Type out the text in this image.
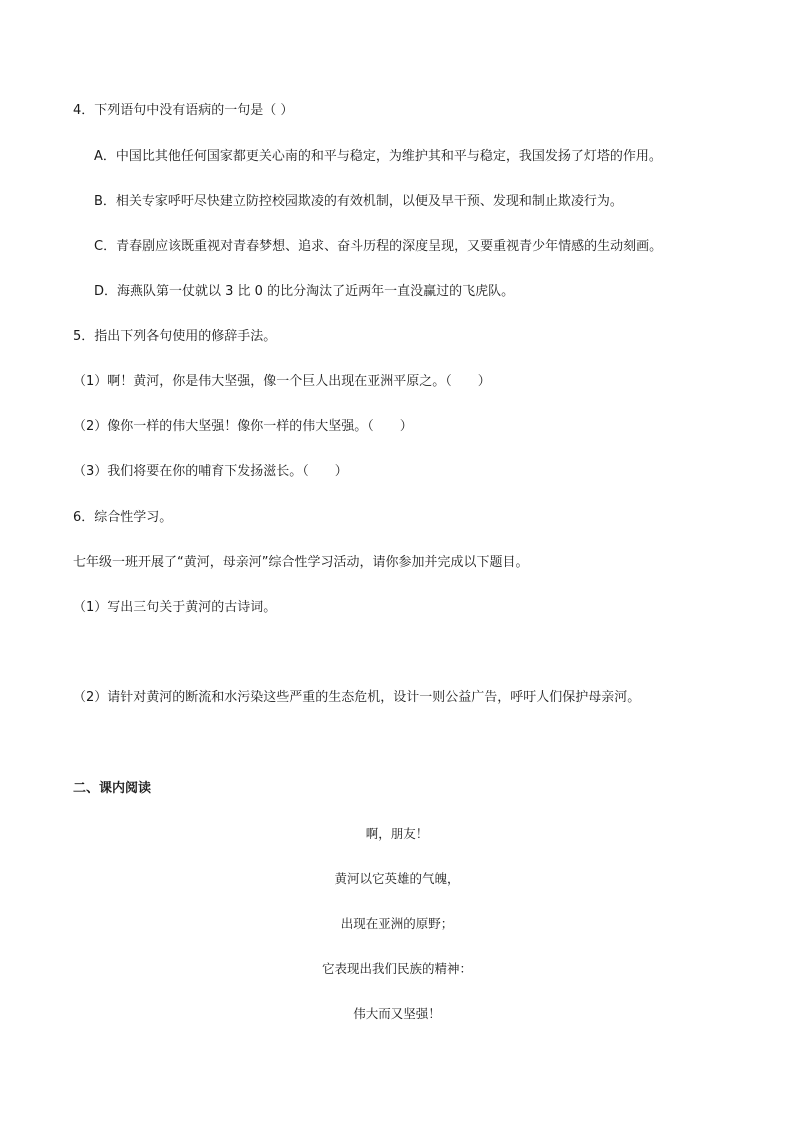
4．下列语句中没有语病的一句是（ ）
A．中国比其他任何国家都更关心南的和平与稳定，为维护其和平与稳定，我国发扬了灯塔的作用。
B．相关专家呼吁尽快建立防控校园欺凌的有效机制，以便及早干预、发现和制止欺凌行为。
C．青春剧应该既重视对青春梦想、追求、奋斗历程的深度呈现，又要重视青少年情感的生动刻画。
D．海燕队第一仗就以 3 比 0 的比分淘汰了近两年一直没赢过的飞虎队。
5．指出下列各句使用的修辞手法。
（1）啊！黄河，你是伟大坚强，像一个巨人出现在亚洲平原之。（　　）
（2）像你一样的伟大坚强！像你一样的伟大坚强。（　　）
（3）我们将要在你的哺育下发扬滋长。（　　）
6．综合性学习。
七年级一班开展了“黄河，母亲河”综合性学习活动，请你参加并完成以下题目。
（1）写出三句关于黄河的古诗词。
（2）请针对黄河的断流和水污染这些严重的生态危机，设计一则公益广告，呼吁人们保护母亲河。
二、课内阅读
啊，朋友！
黄河以它英雄的气魄，
出现在亚洲的原野；
它表现出我们民族的精神：
伟大而又坚强！
